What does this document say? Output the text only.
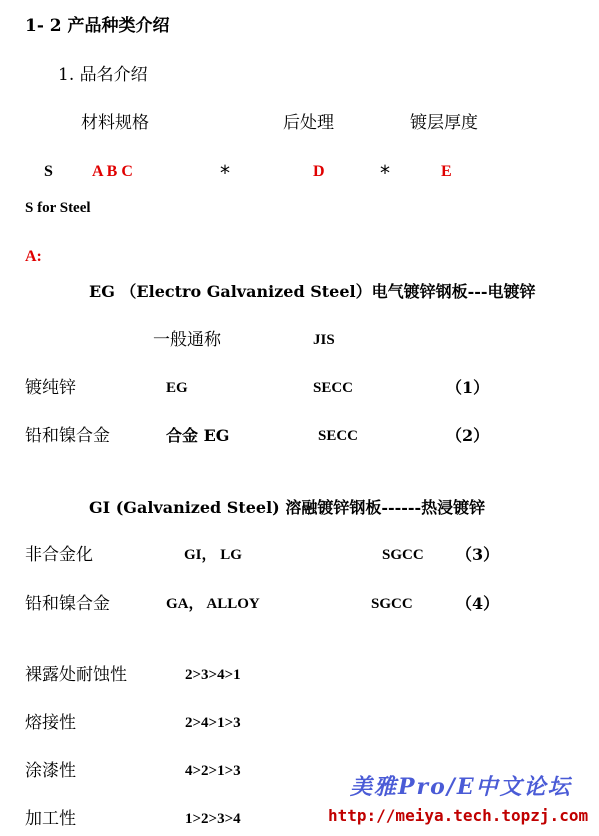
1- 2 产品种类介绍
1. 品名介绍
材料规格	后处理	镀层厚度
S A B C	*	D	*	E
S for Steel
A:
EG （Electro Galvanized Steel）电气镀锌钢板---电镀锌
一般通称	JIS
镀纯锌	EG	SECC	（1）
铅和镍合金	合金 EG	SECC	（2）
GI (Galvanized Steel) 溶融镀锌钢板------热浸镀锌
非合金化	GI， LG	SGCC （3）
铅和镍合金	GA， ALLOY	SGCC	（4）
裸露处耐蚀性	2>3>4>1
熔接性	2>4>1>3
涂漆性	4>2>1>3
加工性	1>2>3>4
美雅Pro/E中文论坛
http://meiya.tech.topzj.com
